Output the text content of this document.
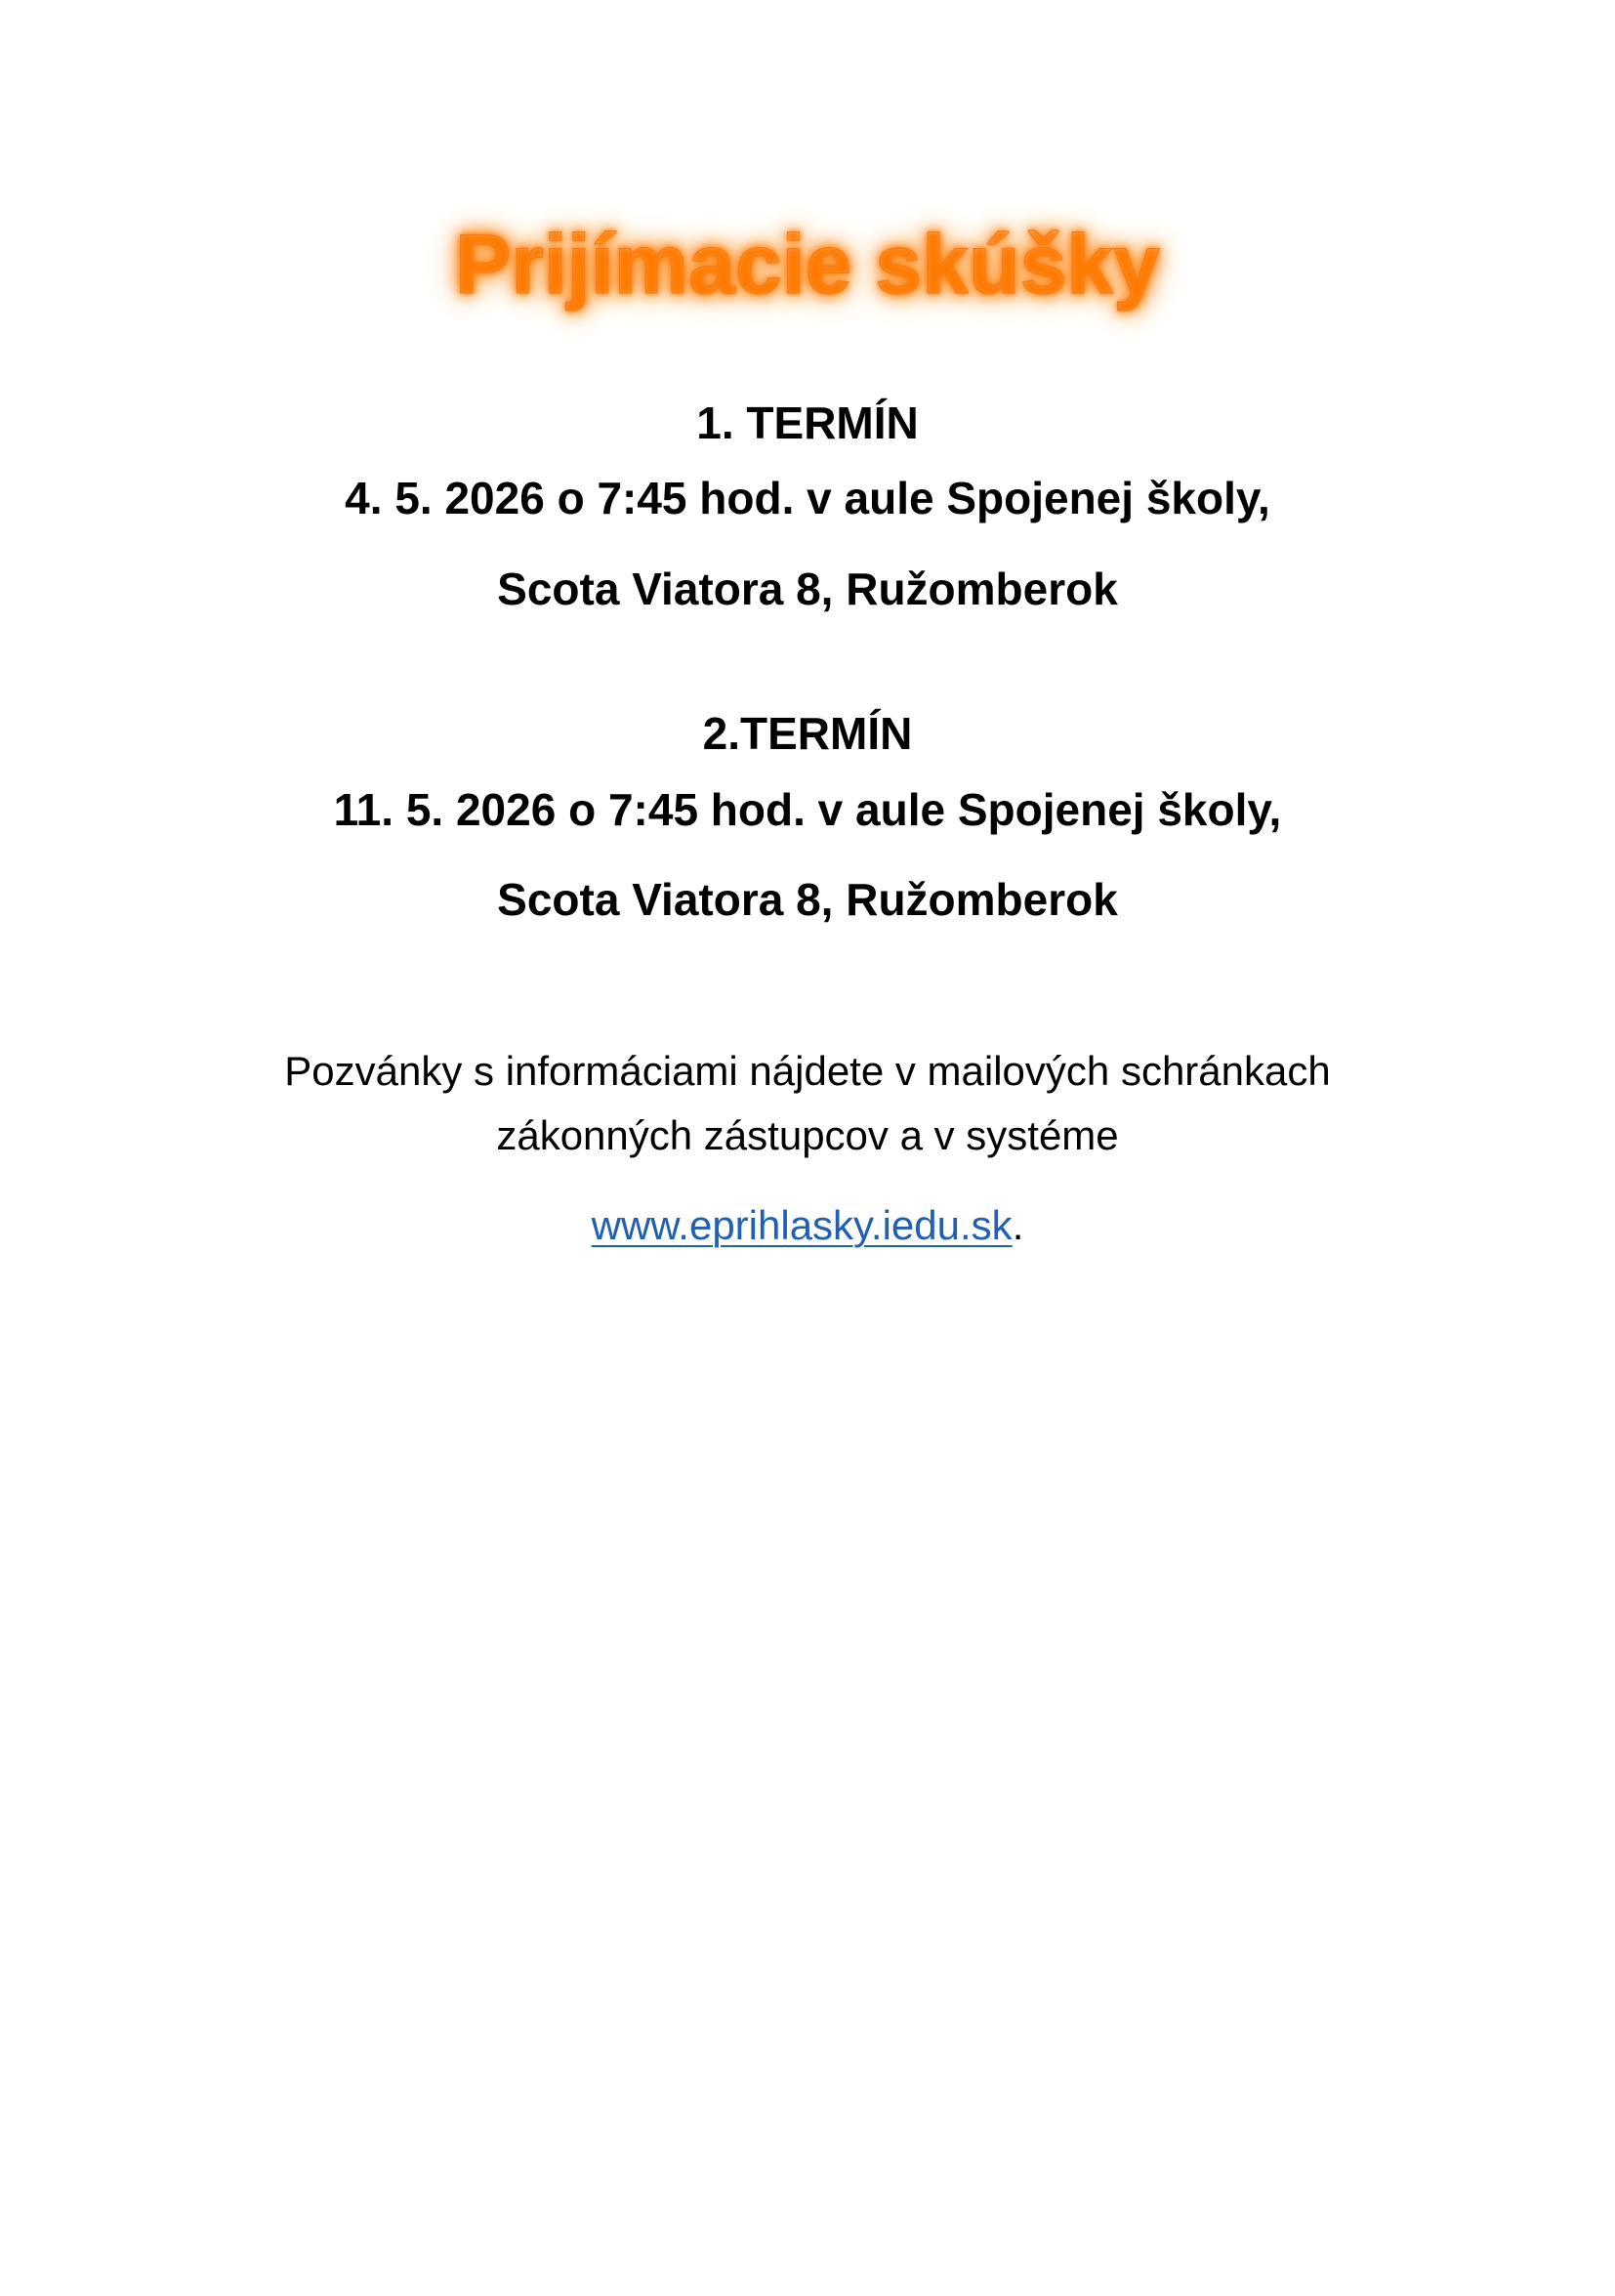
Prijímacie skúšky
1. TERMÍN
4. 5. 2026 o 7:45 hod. v aule Spojenej školy,
Scota Viatora 8, Ružomberok
2.TERMÍN
11. 5. 2026 o 7:45 hod. v aule Spojenej školy,
Scota Viatora 8, Ružomberok
Pozvánky s informáciami nájdete v mailových schránkach
zákonných zástupcov a v systéme
www.eprihlasky.iedu.sk.
